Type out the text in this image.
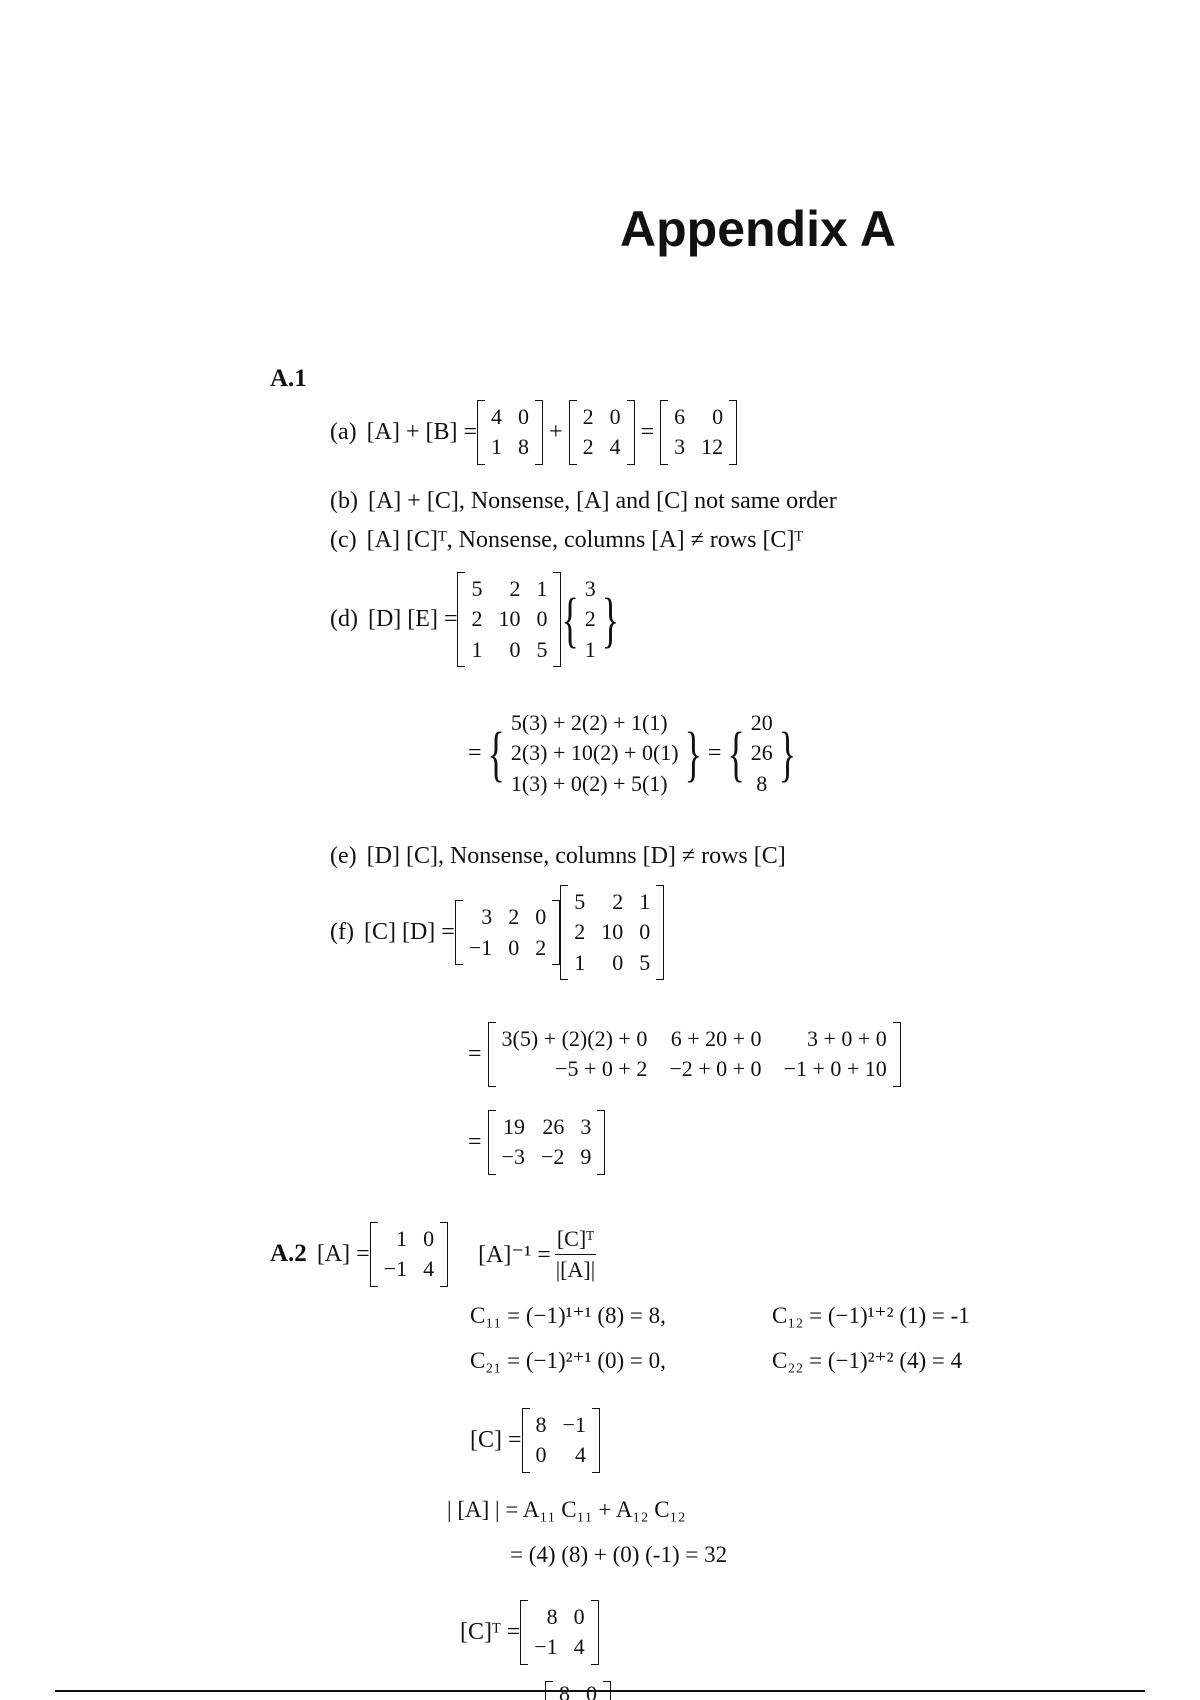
Appendix A
A.1
(a) [A] + [B] =
4 0
1 8
+
2 0
2 4
=
6 0
3 12
(b) [A] + [C], Nonsense, [A] and [C] not same order
(c) [A] [C]ᵀ, Nonsense, columns [A] ≠ rows [C]ᵀ
(d) [D] [E] =
5 2 1
2 10 0
1 0 5 { 3
2
1 }
= { 5(3) + 2(2) + 1(1)
2(3) + 10(2) + 0(1)
1(3) + 0(2) + 5(1) } = { 20
26
8 }
(e) [D] [C], Nonsense, columns [D] ≠ rows [C]
(f) [C] [D] =
3 2 0
−1 0 2
5 2 1
2 10 0
1 0 5
=
3(5) + (2)(2) + 0 6 + 20 + 0 3 + 0 + 0
−5 + 0 + 2 −2 + 0 + 0 −1 + 0 + 10
=
19 26 3
−3 −2 9
A.2 [A] =
1 0
−1 4
$[A]^{-1} = \frac{\text{[C]ᵀ}}{|[A]|}$
C₁₁ = (−1)¹⁺¹ (8) = 8,	C₁₂ = (−1)¹⁺² (1) = -1
C₂₁ = (−1)²⁺¹ (0) = 0,	C₂₂ = (−1)²⁺² (4) = 4
[C] =
8 −1
0 4
| [A] | = A₁₁ C₁₁ + A₁₂ C₁₂
= (4) (8) + (0) (-1) = 32
[C]ᵀ =
8 0
−1 4
8 0
